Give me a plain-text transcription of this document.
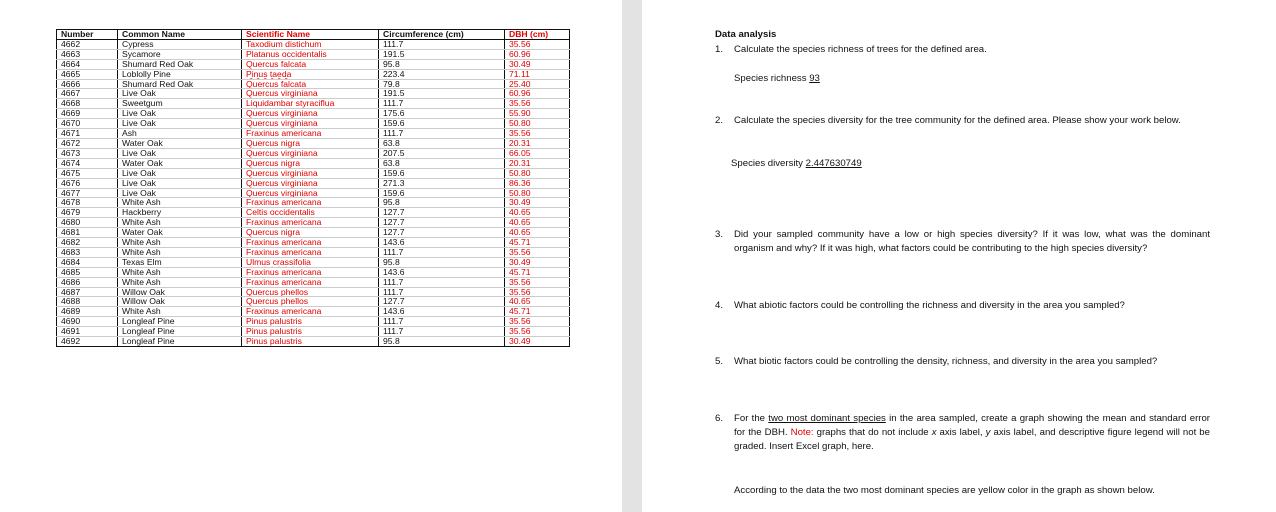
Number	Common Name	Scientific Name	Circumference (cm)	DBH (cm)
4662	Cypress	Taxodium distichum	111.7	35.56
4663	Sycamore	Platanus occidentalis	191.5	60.96
4664	Shumard Red Oak	Quercus falcata	95.8	30.49
4665	Loblolly Pine	Pinus taeda	223.4	71.11
4666	Shumard Red Oak	Quercus falcata	79.8	25.40
4667	Live Oak	Quercus virginiana	191.5	60.96
4668	Sweetgum	Liquidambar styraciflua	111.7	35.56
4669	Live Oak	Quercus virginiana	175.6	55.90
4670	Live Oak	Quercus virginiana	159.6	50.80
4671	Ash	Fraxinus americana	111.7	35.56
4672	Water Oak	Quercus nigra	63.8	20.31
4673	Live Oak	Quercus virginiana	207.5	66.05
4674	Water Oak	Quercus nigra	63.8	20.31
4675	Live Oak	Quercus virginiana	159.6	50.80
4676	Live Oak	Quercus virginiana	271.3	86.36
4677	Live Oak	Quercus virginiana	159.6	50.80
4678	White Ash	Fraxinus americana	95.8	30.49
4679	Hackberry	Celtis occidentalis	127.7	40.65
4680	White Ash	Fraxinus americana	127.7	40.65
4681	Water Oak	Quercus nigra	127.7	40.65
4682	White Ash	Fraxinus americana	143.6	45.71
4683	White Ash	Fraxinus americana	111.7	35.56
4684	Texas Elm	Ulmus crassifolia	95.8	30.49
4685	White Ash	Fraxinus americana	143.6	45.71
4686	White Ash	Fraxinus americana	111.7	35.56
4687	Willow Oak	Quercus phellos	111.7	35.56
4688	Willow Oak	Quercus phellos	127.7	40.65
4689	White Ash	Fraxinus americana	143.6	45.71
4690	Longleaf Pine	Pinus palustris	111.7	35.56
4691	Longleaf Pine	Pinus palustris	111.7	35.56
4692	Longleaf Pine	Pinus palustris	95.8	30.49
Data analysis
1. Calculate the species richness of trees for the defined area.
Species richness 93
2. Calculate the species diversity for the tree community for the defined area. Please show your work below.
Species diversity 2.447630749
3. Did your sampled community have a low or high species diversity? If it was low, what was the dominant organism and why? If it was high, what factors could be contributing to the high species diversity?
4. What abiotic factors could be controlling the richness and diversity in the area you sampled?
5. What biotic factors could be controlling the density, richness, and diversity in the area you sampled?
6. For the two most dominant species in the area sampled, create a graph showing the mean and standard error for the DBH. Note: graphs that do not include x axis label, y axis label, and descriptive figure legend will not be graded. Insert Excel graph, here.
According to the data the two most dominant species are yellow color in the graph as shown below.
